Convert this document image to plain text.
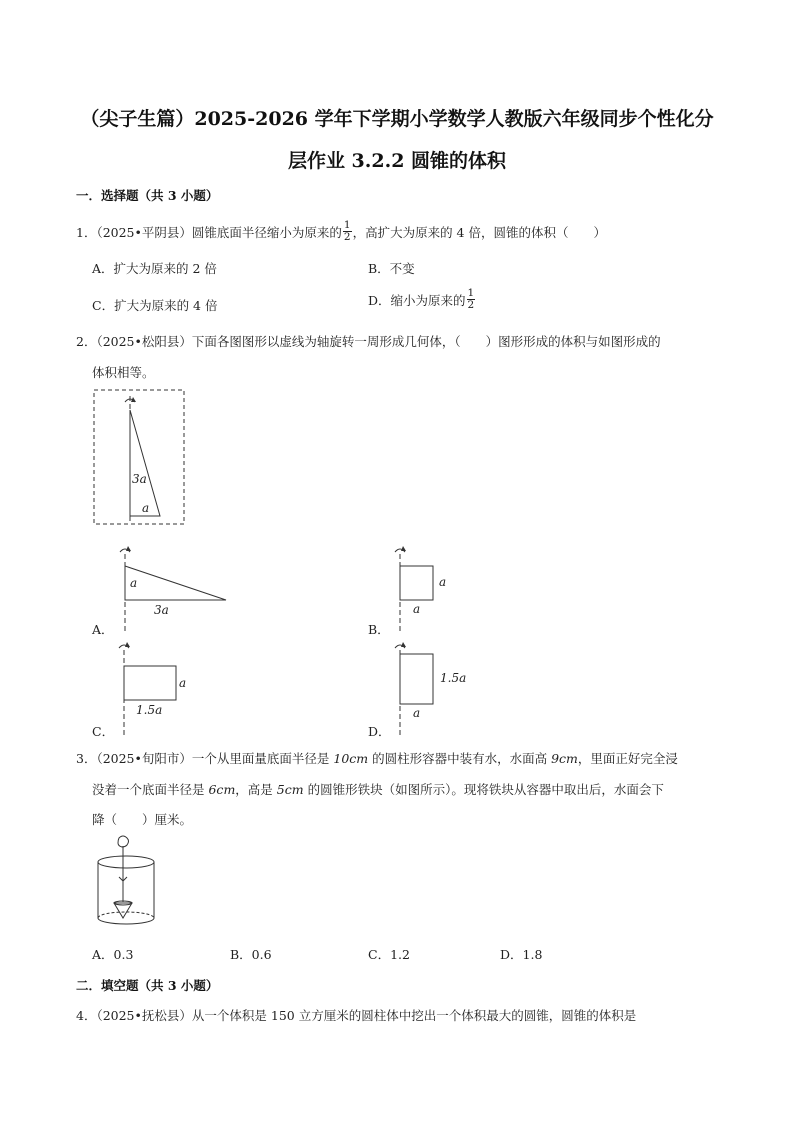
（尖子生篇）2025-2026 学年下学期小学数学人教版六年级同步个性化分
层作业 3.2.2 圆锥的体积
一．选择题（共 3 小题）
1．（2025•平阴县）圆锥底面半径缩小为原来的 $\frac{1}{2}$ ，高扩大为原来的 4 倍，圆锥的体积（　　）
A．扩大为原来的 2 倍	B．不变
C．扩大为原来的 4 倍	D．缩小为原来的 $\frac{1}{2}$
2．（2025•松阳县）下面各图图形以虚线为轴旋转一周形成几何体，（　　）图形形成的体积与如图形成的
体积相等。
3a
a
A．
a
3a
B．
a
a
C．
a
1.5a
D．
1.5a
a
3．（2025•旬阳市）一个从里面量底面半径是 10cm 的圆柱形容器中装有水，水面高 9cm，里面正好完全浸
没着一个底面半径是 6cm，高是 5cm 的圆锥形铁块（如图所示）。现将铁块从容器中取出后，水面会下
降（　　）厘米。
A．0.3	B．0.6	C．1.2	D．1.8
二．填空题（共 3 小题）
4．（2025•抚松县）从一个体积是 150 立方厘米的圆柱体中挖出一个体积最大的圆锥，圆锥的体积是
